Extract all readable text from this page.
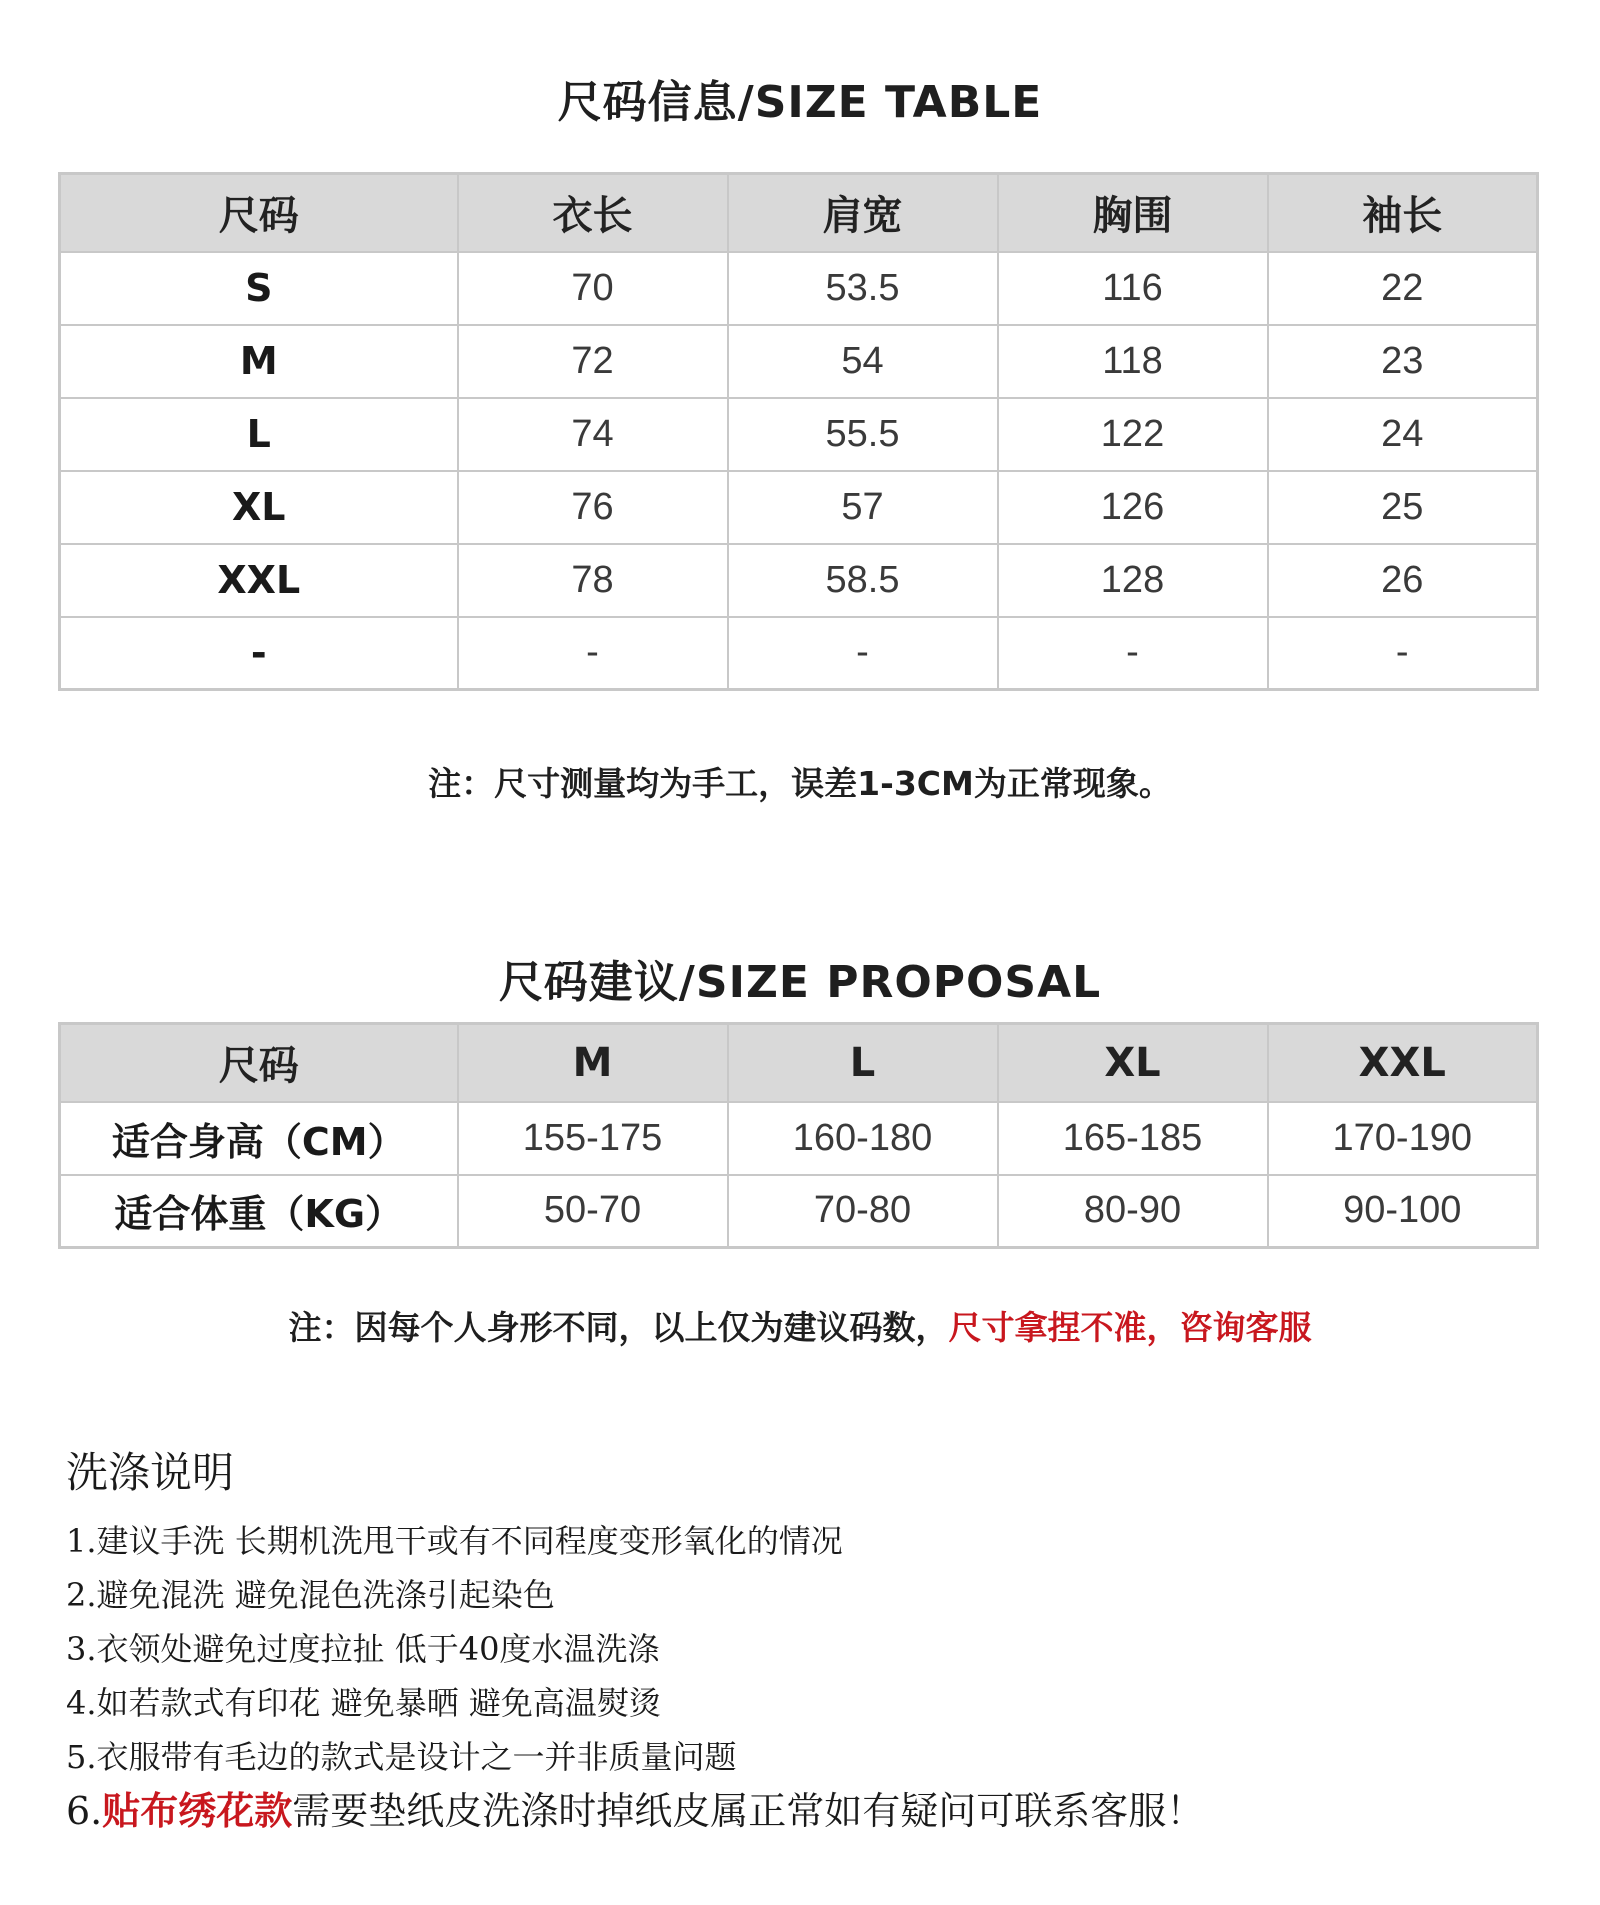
尺码信息/SIZE TABLE
尺码	衣长	肩宽	胸围	袖长
S	70	53.5	116	22
M	72	54	118	23
L	74	55.5	122	24
XL	76	57	126	25
XXL	78	58.5	128	26
-	-	-	-	-
注：尺寸测量均为手工，误差1-3CM为正常现象。
尺码建议/SIZE PROPOSAL
尺码	M	L	XL	XXL
适合身高（CM）	155-175	160-180	165-185	170-190
适合体重（KG）	50-70	70-80	80-90	90-100
注：因每个人身形不同，以上仅为建议码数，尺寸拿捏不准，咨询客服
洗涤说明
1.建议手洗 长期机洗甩干或有不同程度变形氧化的情况
2.避免混洗 避免混色洗涤引起染色
3.衣领处避免过度拉扯 低于40度水温洗涤
4.如若款式有印花 避免暴晒 避免高温熨烫
5.衣服带有毛边的款式是设计之一并非质量问题
6.贴布绣花款需要垫纸皮洗涤时掉纸皮属正常如有疑问可联系客服！
